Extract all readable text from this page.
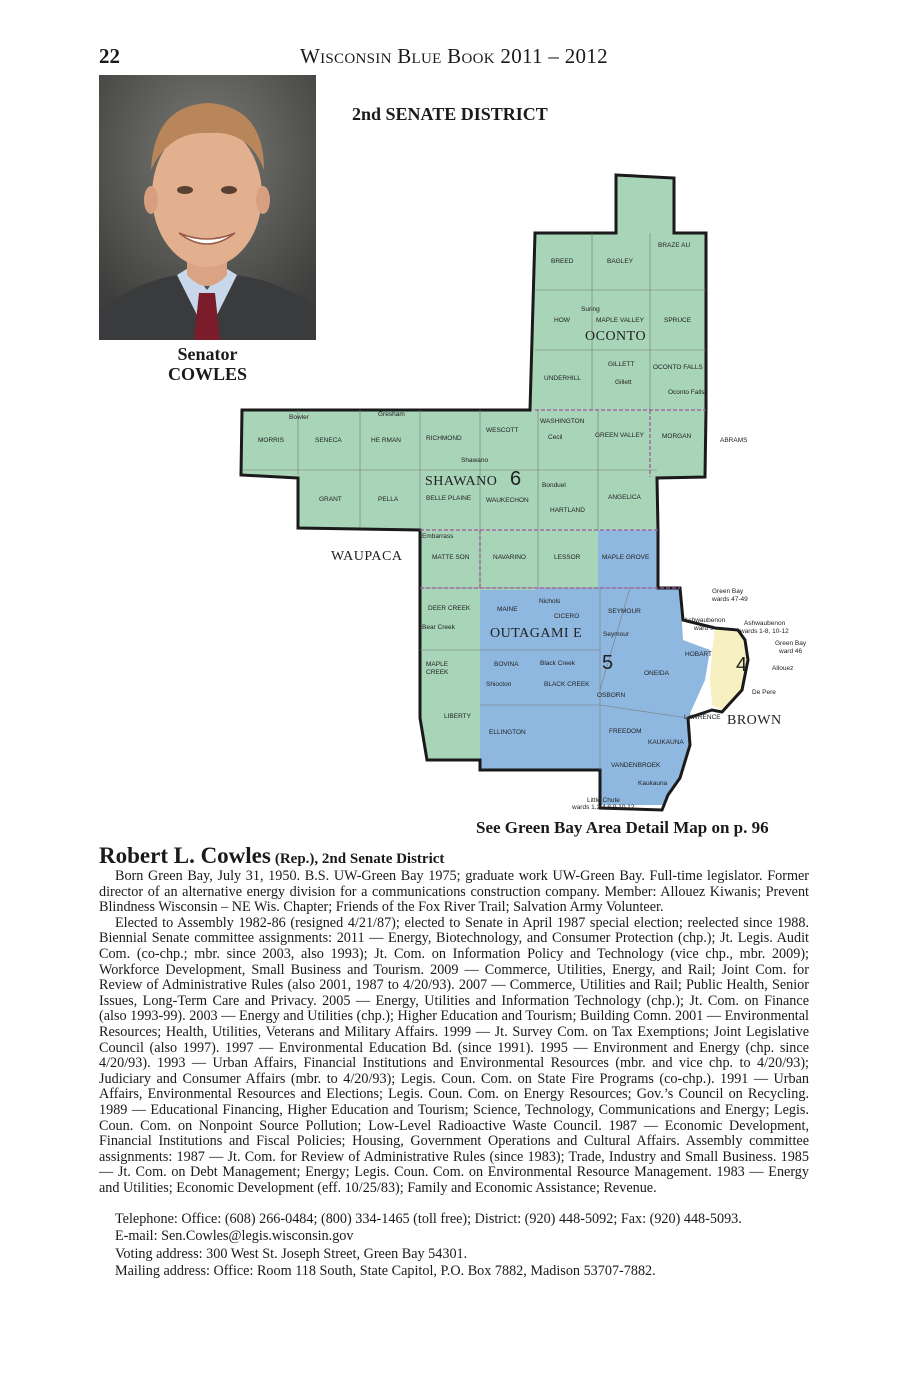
22	Wisconsin Blue Book 2011 – 2012
Senator
COWLES
2nd SENATE DISTRICT
BREED	BAGLEY
BRAZE AU
HOW
Suring
MAPLE VALLEY	SPRUCE
OCONTO
UNDERHILL
GILLETT
Gillett
OCONTO FALLS
Oconto Falls
Bowler	Gresham
MORRIS	SENECA	HE RMAN	RICHMOND
WESCOTT
WASHINGTON
Cecil	GREEN VALLEY	MORGAN
ABRAMS
Shawano
SHAWANO 6	Bonduel
GRANT	PELLA	BELLE PLAINE WAUKECHON
HARTLAND
ANGELICA
Embarrass
WAUPACA	MATTE SON	NAVARINO	LESSOR	MAPLE GROVE
Green Bay
wards 47-49
Nichols
DEER CREEK	MAINE
CICERO
SEYMOUR
Ashwaubenon
ward 9
Ashwaubenon
wards 1-8, 10-12
Bear Creek	OUTAGAMI E	Seymour
Green Bay
ward 46
HOBART 4
MAPLE
CREEK
BOVINA	Black Creek 5	Allouez
ONEIDA
Shiocton	BLACK CREEK
De Pere
OSBORN
LIBERTY	LAWRENCE BROWN
ELLINGTON	FREEDOM
KAUKAUNA
VANDENBROEK
Kaukauna
Little Chute
wards 1,2,4,8,9,10,12
See Green Bay Area Detail Map on p. 96
Robert L. Cowles (Rep.), 2nd Senate District

Born Green Bay, July 31, 1950. B.S. UW-Green Bay 1975; graduate work UW-Green Bay. Full-time legislator. Former director of an alternative energy division for a communications construction company. Member: Allouez Kiwanis; Prevent Blindness Wisconsin – NE Wis. Chapter; Friends of the Fox River Trail; Salvation Army Volunteer.

Elected to Assembly 1982-86 (resigned 4/21/87); elected to Senate in April 1987 special election; reelected since 1988. Biennial Senate committee assignments: 2011 — Energy, Biotechnology, and Consumer Protection (chp.); Jt. Legis. Audit Com. (co-chp.; mbr. since 2003, also 1993); Jt. Com. on Information Policy and Technology (vice chp., mbr. 2009); Workforce Development, Small Business and Tourism. 2009 — Commerce, Utilities, Energy, and Rail; Joint Com. for Review of Administrative Rules (also 2001, 1987 to 4/20/93). 2007 — Commerce, Utilities and Rail; Public Health, Senior Issues, Long-Term Care and Privacy. 2005 — Energy, Utilities and Information Technology (chp.); Jt. Com. on Finance (also 1993-99). 2003 — Energy and Utilities (chp.); Higher Education and Tourism; Building Comn. 2001 — Environmental Resources; Health, Utilities, Veterans and Military Affairs. 1999 — Jt. Survey Com. on Tax Exemptions; Joint Legislative Council (also 1997). 1997 — Environmental Education Bd. (since 1991). 1995 — Environment and Energy (chp. since 4/20/93). 1993 — Urban Affairs, Financial Institutions and Environmental Resources (mbr. and vice chp. to 4/20/93); Judiciary and Consumer Affairs (mbr. to 4/20/93); Legis. Coun. Com. on State Fire Programs (co-chp.). 1991 — Urban Affairs, Environmental Resources and Elections; Legis. Coun. Com. on Energy Resources; Gov.’s Council on Recycling. 1989 — Educational Financing, Higher Education and Tourism; Science, Technology, Communications and Energy; Legis. Coun. Com. on Nonpoint Source Pollution; Low-Level Radioactive Waste Council. 1987 — Economic Development, Financial Institutions and Fiscal Policies; Housing, Government Operations and Cultural Affairs. Assembly committee assignments: 1987 — Jt. Com. for Review of Administrative Rules (since 1983); Trade, Industry and Small Business. 1985 — Jt. Com. on Debt Management; Energy; Legis. Coun. Com. on Environmental Resource Management. 1983 — Energy and Utilities; Economic Development (eff. 10/25/83); Family and Economic Assistance; Revenue.

Telephone: Office: (608) 266-0484; (800) 334-1465 (toll free); District: (920) 448-5092; Fax: (920) 448-5093.
E-mail: Sen.Cowles@legis.wisconsin.gov
Voting address: 300 West St. Joseph Street, Green Bay 54301.
Mailing address: Office: Room 118 South, State Capitol, P.O. Box 7882, Madison 53707-7882.
